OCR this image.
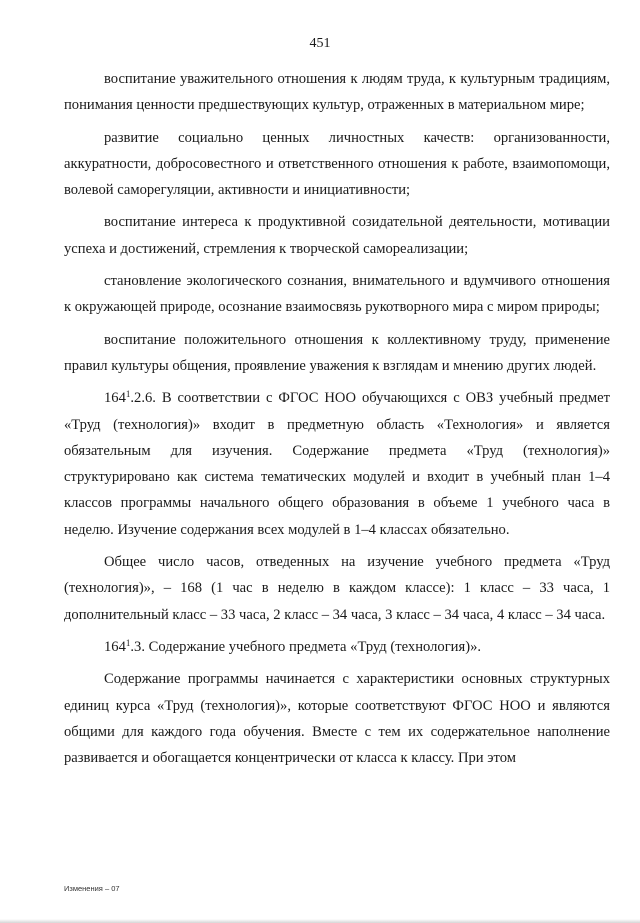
451

воспитание уважительного отношения к людям труда, к культурным традициям, понимания ценности предшествующих культур, отраженных в материальном мире;

развитие социально ценных личностных качеств: организованности, аккуратности, добросовестного и ответственного отношения к работе, взаимопомощи, волевой саморегуляции, активности и инициативности;

воспитание интереса к продуктивной созидательной деятельности, мотивации успеха и достижений, стремления к творческой самореализации;

становление экологического сознания, внимательного и вдумчивого отношения к окружающей природе, осознание взаимосвязь рукотворного мира с миром природы;

воспитание положительного отношения к коллективному труду, применение правил культуры общения, проявление уважения к взглядам и мнению других людей.

$164^1.2.6$. В соответствии с ФГОС НОО обучающихся с ОВЗ учебный предмет «Труд (технология)» входит в предметную область «Технология» и является обязательным для изучения. Содержание предмета «Труд (технология)» структурировано как система тематических модулей и входит в учебный план 1–4 классов программы начального общего образования в объеме 1 учебного часа в неделю. Изучение содержания всех модулей в 1–4 классах обязательно.

Общее число часов, отведенных на изучение учебного предмета «Труд (технология)», – 168 (1 час в неделю в каждом классе): 1 класс – 33 часа, 1 дополнительный класс – 33 часа, 2 класс – 34 часа, 3 класс – 34 часа, 4 класс – 34 часа.

$164^1.3$. Содержание учебного предмета «Труд (технология)».

Содержание программы начинается с характеристики основных структурных единиц курса «Труд (технология)», которые соответствуют ФГОС НОО и являются общими для каждого года обучения. Вместе с тем их содержательное наполнение развивается и обогащается концентрически от класса к классу. При этом

Изменения – 07
